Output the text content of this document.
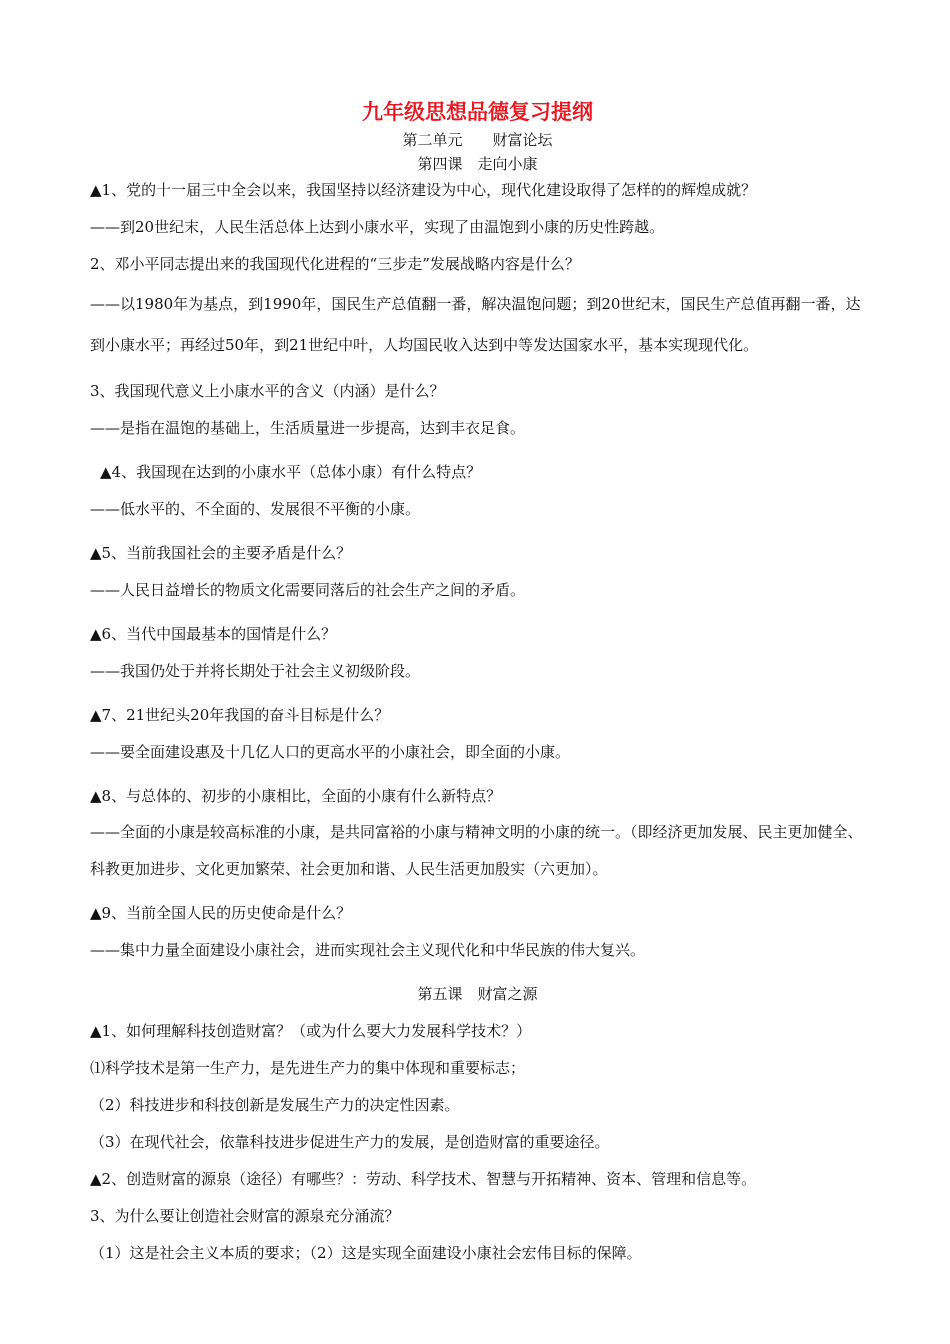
九年级思想品德复习提纲
第二单元　　财富论坛
第四课　走向小康

▲1、党的十一届三中全会以来，我国坚持以经济建设为中心，现代化建设取得了怎样的的辉煌成就？

——到20世纪末，人民生活总体上达到小康水平，实现了由温饱到小康的历史性跨越。

2、邓小平同志提出来的我国现代化进程的“三步走”发展战略内容是什么？

——以1980年为基点，到1990年，国民生产总值翻一番，解决温饱问题；到20世纪末，国民生产总值再翻一番，达到小康水平；再经过50年，到21世纪中叶，人均国民收入达到中等发达国家水平，基本实现现代化。

3、我国现代意义上小康水平的含义（内涵）是什么？

——是指在温饱的基础上，生活质量进一步提高，达到丰衣足食。

▲4、我国现在达到的小康水平（总体小康）有什么特点？

——低水平的、不全面的、发展很不平衡的小康。

▲5、当前我国社会的主要矛盾是什么？

——人民日益增长的物质文化需要同落后的社会生产之间的矛盾。

▲6、当代中国最基本的国情是什么？

——我国仍处于并将长期处于社会主义初级阶段。

▲7、21世纪头20年我国的奋斗目标是什么？

——要全面建设惠及十几亿人口的更高水平的小康社会，即全面的小康。

▲8、与总体的、初步的小康相比，全面的小康有什么新特点？

——全面的小康是较高标准的小康，是共同富裕的小康与精神文明的小康的统一。（即经济更加发展、民主更加健全、科教更加进步、文化更加繁荣、社会更加和谐、人民生活更加殷实（六更加）。

▲9、当前全国人民的历史使命是什么？

——集中力量全面建设小康社会，进而实现社会主义现代化和中华民族的伟大复兴。

第五课　财富之源

▲1、如何理解科技创造财富？（或为什么要大力发展科学技术？）

⑴科学技术是第一生产力，是先进生产力的集中体现和重要标志；

（2）科技进步和科技创新是发展生产力的决定性因素。

（3）在现代社会，依靠科技进步促进生产力的发展，是创造财富的重要途径。

▲2、创造财富的源泉（途径）有哪些？：劳动、科学技术、智慧与开拓精神、资本、管理和信息等。

3、为什么要让创造社会财富的源泉充分涌流？

（1）这是社会主义本质的要求；（2）这是实现全面建设小康社会宏伟目标的保障。
